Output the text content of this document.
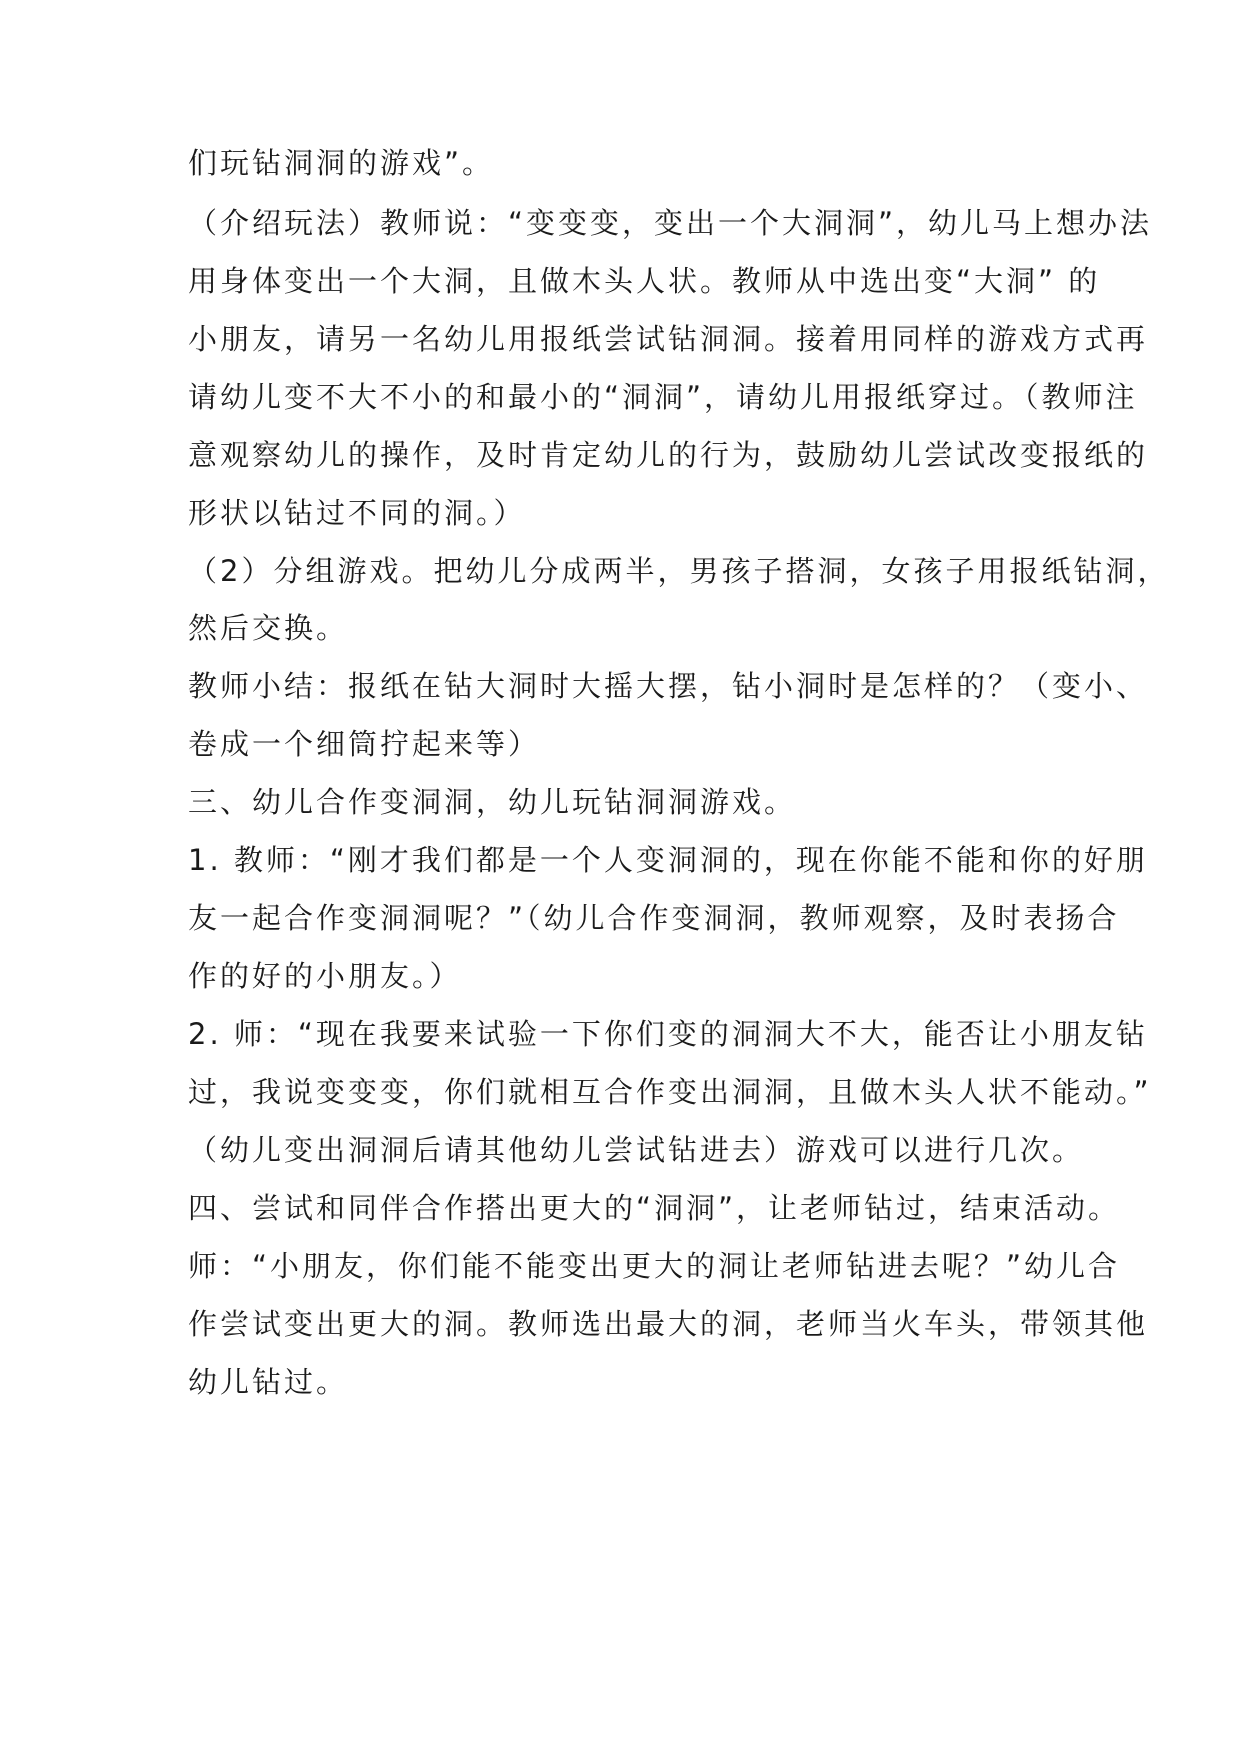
们玩钻洞洞的游戏”。
（介绍玩法）教师说：“变变变，变出一个大洞洞”，幼儿马上想办法
用身体变出一个大洞，且做木头人状。教师从中选出变“大洞” 的
小朋友，请另一名幼儿用报纸尝试钻洞洞。接着用同样的游戏方式再
请幼儿变不大不小的和最小的“洞洞”，请幼儿用报纸穿过。（教师注
意观察幼儿的操作，及时肯定幼儿的行为，鼓励幼儿尝试改变报纸的
形状以钻过不同的洞。）
（2）分组游戏。把幼儿分成两半，男孩子搭洞，女孩子用报纸钻洞，
然后交换。
教师小结：报纸在钻大洞时大摇大摆，钻小洞时是怎样的？（变小、
卷成一个细筒拧起来等）
三、幼儿合作变洞洞，幼儿玩钻洞洞游戏。
1. 教师：“刚才我们都是一个人变洞洞的，现在你能不能和你的好朋
友一起合作变洞洞呢？”（幼儿合作变洞洞，教师观察，及时表扬合
作的好的小朋友。）
2. 师：“现在我要来试验一下你们变的洞洞大不大，能否让小朋友钻
过，我说变变变，你们就相互合作变出洞洞，且做木头人状不能动。”
（幼儿变出洞洞后请其他幼儿尝试钻进去）游戏可以进行几次。
四、尝试和同伴合作搭出更大的“洞洞”，让老师钻过，结束活动。
师：“小朋友，你们能不能变出更大的洞让老师钻进去呢？”幼儿合
作尝试变出更大的洞。教师选出最大的洞，老师当火车头，带领其他
幼儿钻过。
